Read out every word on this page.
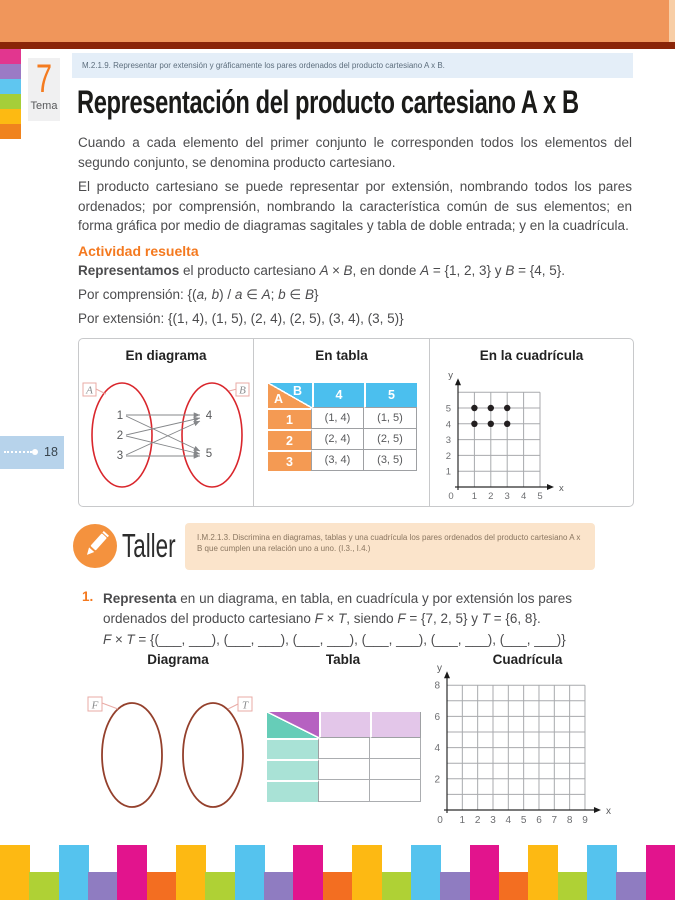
7
Tema
M.2.1.9. Representar por extensión y gráficamente los pares ordenados del producto cartesiano A x B.
Representación del producto cartesiano A x B

Cuando a cada elemento del primer conjunto le corresponden todos los elementos del segundo conjunto, se denomina producto cartesiano.

El producto cartesiano se puede representar por extensión, nombrando todos los pares ordenados; por comprensión, nombrando la característica común de sus elementos; en forma gráfica por medio de diagramas sagitales y tabla de doble entrada; y en la cuadrícula.

Actividad resuelta
Representamos el producto cartesiano A × B, en donde A = {1, 2, 3} y B = {4, 5}.
Por comprensión: {(a, b) / a ∈ A; b ∈ B}
Por extensión: {(1, 4), (1, 5), (2, 4), (2, 5), (3, 4), (3, 5)}
En diagrama
A	B
1
2
3
4
5
En tabla
A
B	4	5
1	(1, 4)	(1, 5)
2	(2, 4)	(2, 5)
3	(3, 4)	(3, 5)
En la cuadrícula
y
x
0 1 2 3 4 5
1
2
3
4
5
18
Taller	I.M.2.1.3. Discrimina en diagramas, tablas y una cuadrícula los pares ordenados del producto cartesiano A x B que cumplen una relación uno a uno. (I.3., I.4.)
1. Representa en un diagrama, en tabla, en cuadrícula y por extensión los pares ordenados del producto cartesiano F × T, siendo F = {7, 2, 5} y T = {6, 8}.
F × T = {(___, ___), (___, ___), (___, ___), (___, ___), (___, ___), (___, ___)}
Diagrama	Tabla	Cuadrícula
F	T

y
x
0 1 2 3 4 5 6 7 8 9
2
4
6
8
